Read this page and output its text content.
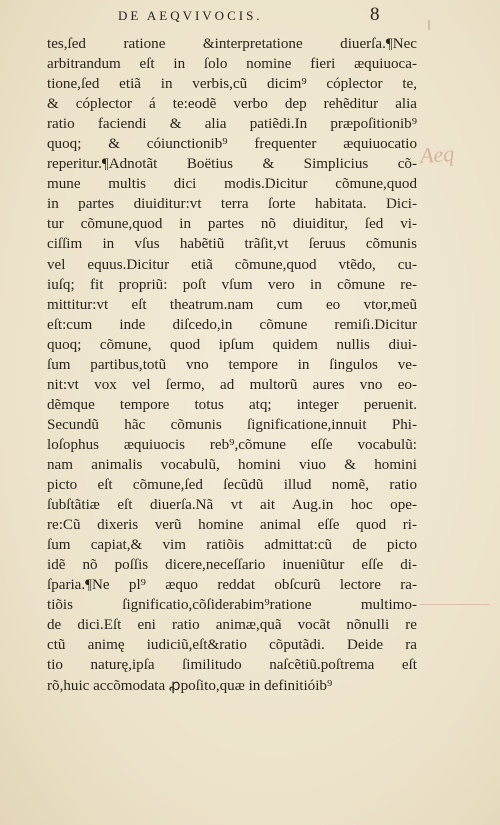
DE AEQVIVOCIS.	8
tes,ſed ratione &interpretatione diuerſa.¶Nec
arbitrandum eſt in ſolo nomine fieri æquiuoca-
tione,ſed etiã in verbis,cũ dicim⁹ cóplector te,
& cóplector á te:eodẽ verbo dep rehẽditur alia
ratio faciendi & alia patiẽdi.In præpoſitionib⁹
quoq; & cóiunctionib⁹ frequenter æquiuocatio
reperitur.¶Adnotãt Boëtius & Simplicius cõ-
mune multis dici modis.Dicitur cõmune,quod
in partes diuiditur:vt terra ſorte habitata. Dici-
tur cõmune,quod in partes nõ diuiditur, ſed vi-
ciſſim in vſus habẽtiũ trãſit,vt ſeruus cõmunis
vel equus.Dicitur etiã cõmune,quod vtẽdo, cu-
iuſq; fit propriũ: poſt vſum vero in cõmune re-
mittitur:vt eſt theatrum.nam cum eo vtor,meũ
eſt:cum inde diſcedo,in cõmune remiſi.Dicitur
quoq; cõmune, quod ipſum quidem nullis diui-
ſum partibus,totũ vno tempore in ſingulos ve-
nit:vt vox vel ſermo, ad multorũ aures vno eo-
dẽmque tempore totus atq; integer peruenit.
Secundũ hãc cõmunis ſignificatione,innuit Phi-
loſophus æquiuocis reb⁹,cõmune eſſe vocabulũ:
nam animalis vocabulũ, homini viuo & homini
picto eſt cõmune,ſed ſecũdũ illud nomẽ, ratio
ſubſtãtiæ eſt diuerſa.Nã vt ait Aug.in hoc ope-
re:Cũ dixeris verũ homine animal eſſe quod ri-
ſum capiat,& vim ratiõis admittat:cũ de picto
idẽ nõ poſſis dicere,neceſſario inueniũtur eſſe di-
ſparia.¶Ne pl⁹ æquo reddat obſcurũ lectore ra-
tiõis ſignificatio,cõſiderabim⁹ratione multimo-
de dici.Eſt eni ratio animæ,quã vocãt nõnulli re
ctũ animę iudiciũ,eſt&ratio cõputãdi. Deide ra
tio naturę,ipſa ſimilitudo naſcẽtiũ.poſtrema eſt
rõ,huic accõmodata ꝓpoſito,quæ in definitióib⁹
Aeq
